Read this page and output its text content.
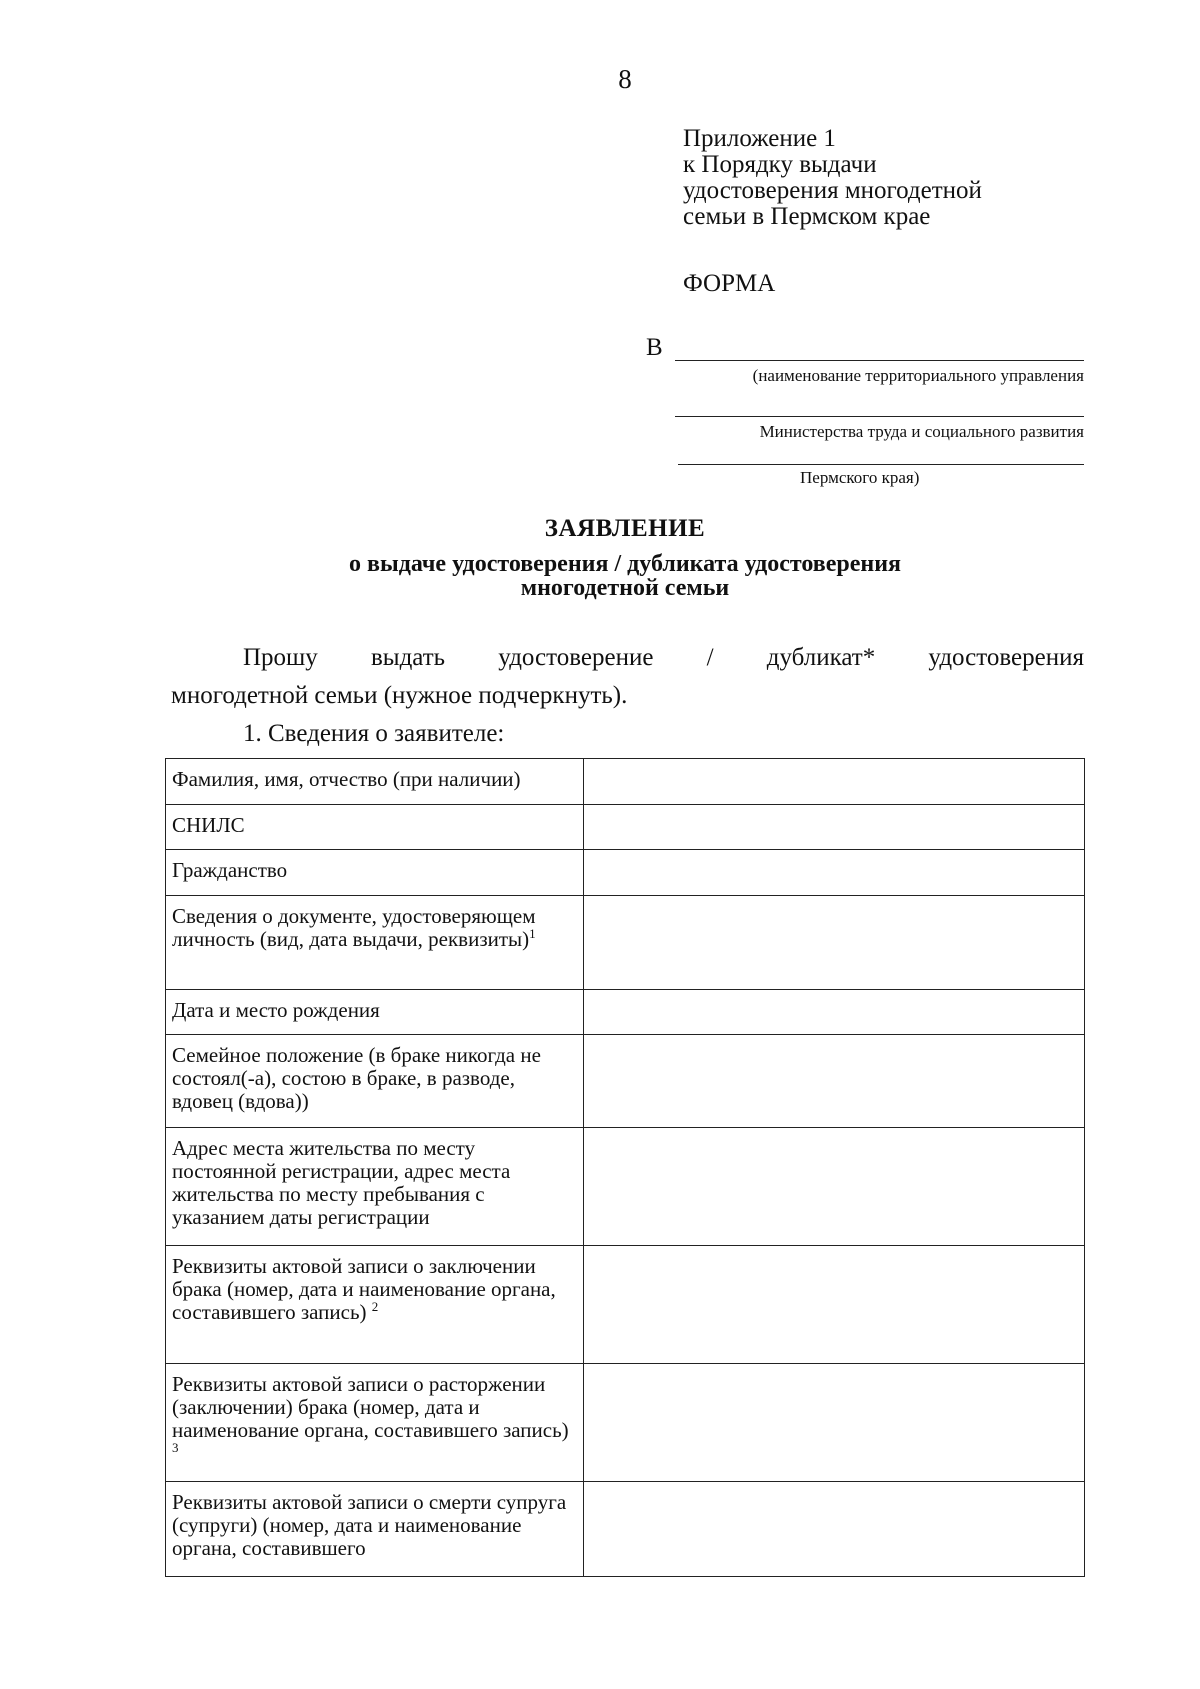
8
Приложение 1
к Порядку выдачи
удостоверения многодетной
семьи в Пермском крае
ФОРМА
В
(наименование территориального управления
Министерства труда и социального развития
Пермского края)
ЗАЯВЛЕНИЕ
о выдаче удостоверения / дубликата удостоверения
многодетной семьи
Прошу выдать удостоверение / дубликат* удостоверения
многодетной семьи (нужное подчеркнуть).
1. Сведения о заявителе:
Фамилия, имя, отчество (при наличии)	
СНИЛС	
Гражданство	
Сведения о документе, удостоверяющем личность (вид, дата выдачи, реквизиты)$^1$	
Дата и место рождения	
Семейное положение (в браке никогда не состоял(-а), состою в браке, в разводе, вдовец (вдова))	
Адрес места жительства по месту постоянной регистрации, адрес места жительства по месту пребывания с указанием даты регистрации	
Реквизиты актовой записи о заключении брака (номер, дата и наименование органа, составившего запись) $^2$	
Реквизиты актовой записи о расторжении (заключении) брака (номер, дата и наименование органа, составившего запись) $^3$	
Реквизиты актовой записи о смерти супруга (супруги) (номер, дата и наименование органа, составившего	
